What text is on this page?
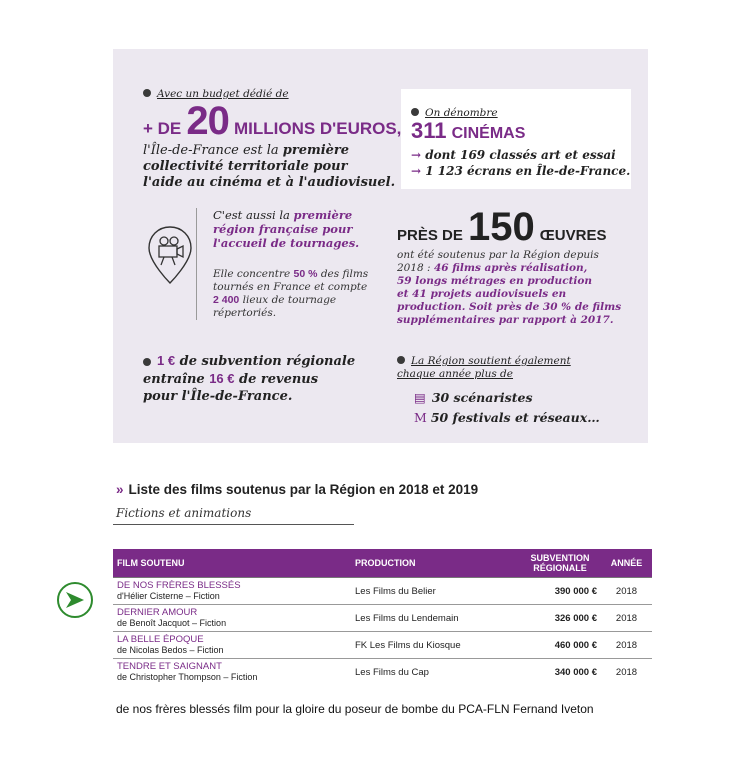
Avec un budget dédié de
+ DE 20 MILLIONS D'EUROS,
l'Île-de-France est la première
collectivité territoriale pour
l'aide au cinéma et à l'audiovisuel.
C'est aussi la première
région française pour
l'accueil de tournages.
Elle concentre 50 % des films
tournés en France et compte
2 400 lieux de tournage
répertoriés.
1 € de subvention régionale
entraîne 16 € de revenus
pour l'Île-de-France.
On dénombre
311 CINÉMAS
→ dont 169 classés art et essai
→ 1 123 écrans en Île-de-France.
PRÈS DE 150 ŒUVRES
ont été soutenus par la Région depuis
2018 : 46 films après réalisation,
59 longs métrages en production
et 41 projets audiovisuels en
production. Soit près de 30 % de films
supplémentaires par rapport à 2017.
La Région soutient également
chaque année plus de
▤ 30 scénaristes
Ⅿ 50 festivals et réseaux…
» Liste des films soutenus par la Région en 2018 et 2019
Fictions et animations
FILM SOUTENU	PRODUCTION	SUBVENTION RÉGIONALE	ANNÉE

DE NOS FRÈRES BLESSÉS
d'Hélier Cisterne – Fiction	Les Films du Belier	390 000 €	2018

DERNIER AMOUR
de Benoît Jacquot – Fiction	Les Films du Lendemain	326 000 €	2018

LA BELLE ÉPOQUE
de Nicolas Bedos – Fiction	FK Les Films du Kiosque	460 000 €	2018

TENDRE ET SAIGNANT
de Christopher Thompson – Fiction	Les Films du Cap	340 000 €	2018
de nos frères blessés film pour la gloire du poseur de bombe du PCA-FLN Fernand Iveton
